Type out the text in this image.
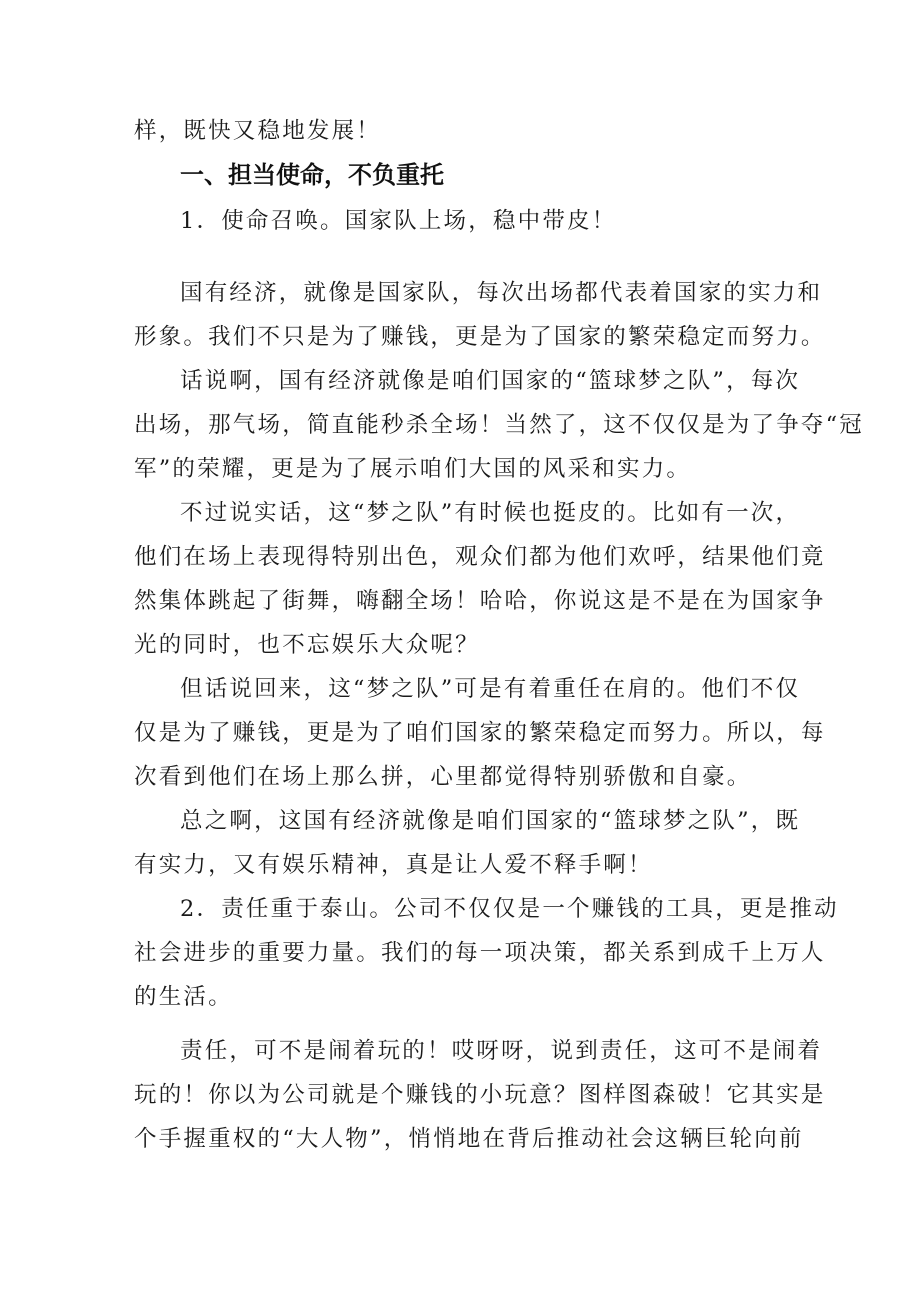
样，既快又稳地发展！
一、担当使命，不负重托
1．使命召唤。国家队上场，稳中带皮！
国有经济，就像是国家队，每次出场都代表着国家的实力和
形象。我们不只是为了赚钱，更是为了国家的繁荣稳定而努力。
话说啊，国有经济就像是咱们国家的“篮球梦之队”，每次
出场，那气场，简直能秒杀全场！当然了，这不仅仅是为了争夺“冠
军”的荣耀，更是为了展示咱们大国的风采和实力。
不过说实话，这“梦之队”有时候也挺皮的。比如有一次，
他们在场上表现得特别出色，观众们都为他们欢呼，结果他们竟
然集体跳起了街舞，嗨翻全场！哈哈，你说这是不是在为国家争
光的同时，也不忘娱乐大众呢？
但话说回来，这“梦之队”可是有着重任在肩的。他们不仅
仅是为了赚钱，更是为了咱们国家的繁荣稳定而努力。所以，每
次看到他们在场上那么拼，心里都觉得特别骄傲和自豪。
总之啊，这国有经济就像是咱们国家的“篮球梦之队”，既
有实力，又有娱乐精神，真是让人爱不释手啊！
2．责任重于泰山。公司不仅仅是一个赚钱的工具，更是推动
社会进步的重要力量。我们的每一项决策，都关系到成千上万人
的生活。
责任，可不是闹着玩的！哎呀呀，说到责任，这可不是闹着
玩的！你以为公司就是个赚钱的小玩意？图样图森破！它其实是
个手握重权的“大人物”，悄悄地在背后推动社会这辆巨轮向前
